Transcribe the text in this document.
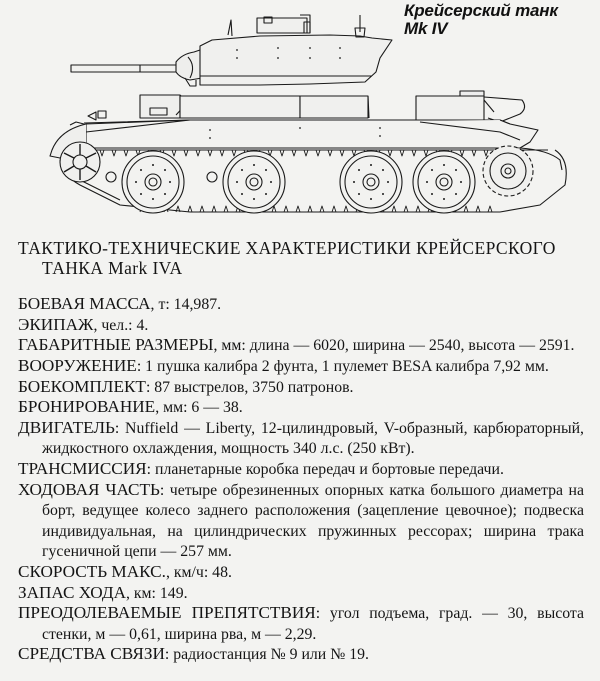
Крейсерский танк
Mk IV
ТАКТИКО-ТЕХНИЧЕСКИЕ ХАРАКТЕРИСТИКИ КРЕЙСЕРСКОГО
ТАНКА Mark IVA

БОЕВАЯ МАССА, т: 14,987.

ЭКИПАЖ, чел.: 4.

ГАБАРИТНЫЕ РАЗМЕРЫ, мм: длина — 6020, ширина — 2540, высота — 2591.

ВООРУЖЕНИЕ: 1 пушка калибра 2 фунта, 1 пулемет BESA калибра 7,92 мм.

БОЕКОМПЛЕКТ: 87 выстрелов, 3750 патронов.

БРОНИРОВАНИЕ, мм: 6 — 38.

ДВИГАТЕЛЬ: Nuffield — Liberty, 12-цилиндровый, V-образный, карбюраторный, жидкостного охлаждения, мощность 340 л.с. (250 кВт).

ТРАНСМИССИЯ: планетарные коробка передач и бортовые передачи.

ХОДОВАЯ ЧАСТЬ: четыре обрезиненных опорных катка большого диаметра на борт, ведущее колесо заднего расположения (зацепление цевочное); подвеска индивидуальная, на цилиндрических пружинных рессорах; ширина трака гусеничной цепи — 257 мм.

СКОРОСТЬ МАКС., км/ч: 48.

ЗАПАС ХОДА, км: 149.

ПРЕОДОЛЕВАЕМЫЕ ПРЕПЯТСТВИЯ: угол подъема, град. — 30, высота стенки, м — 0,61, ширина рва, м — 2,29.

СРЕДСТВА СВЯЗИ: радиостанция № 9 или № 19.
